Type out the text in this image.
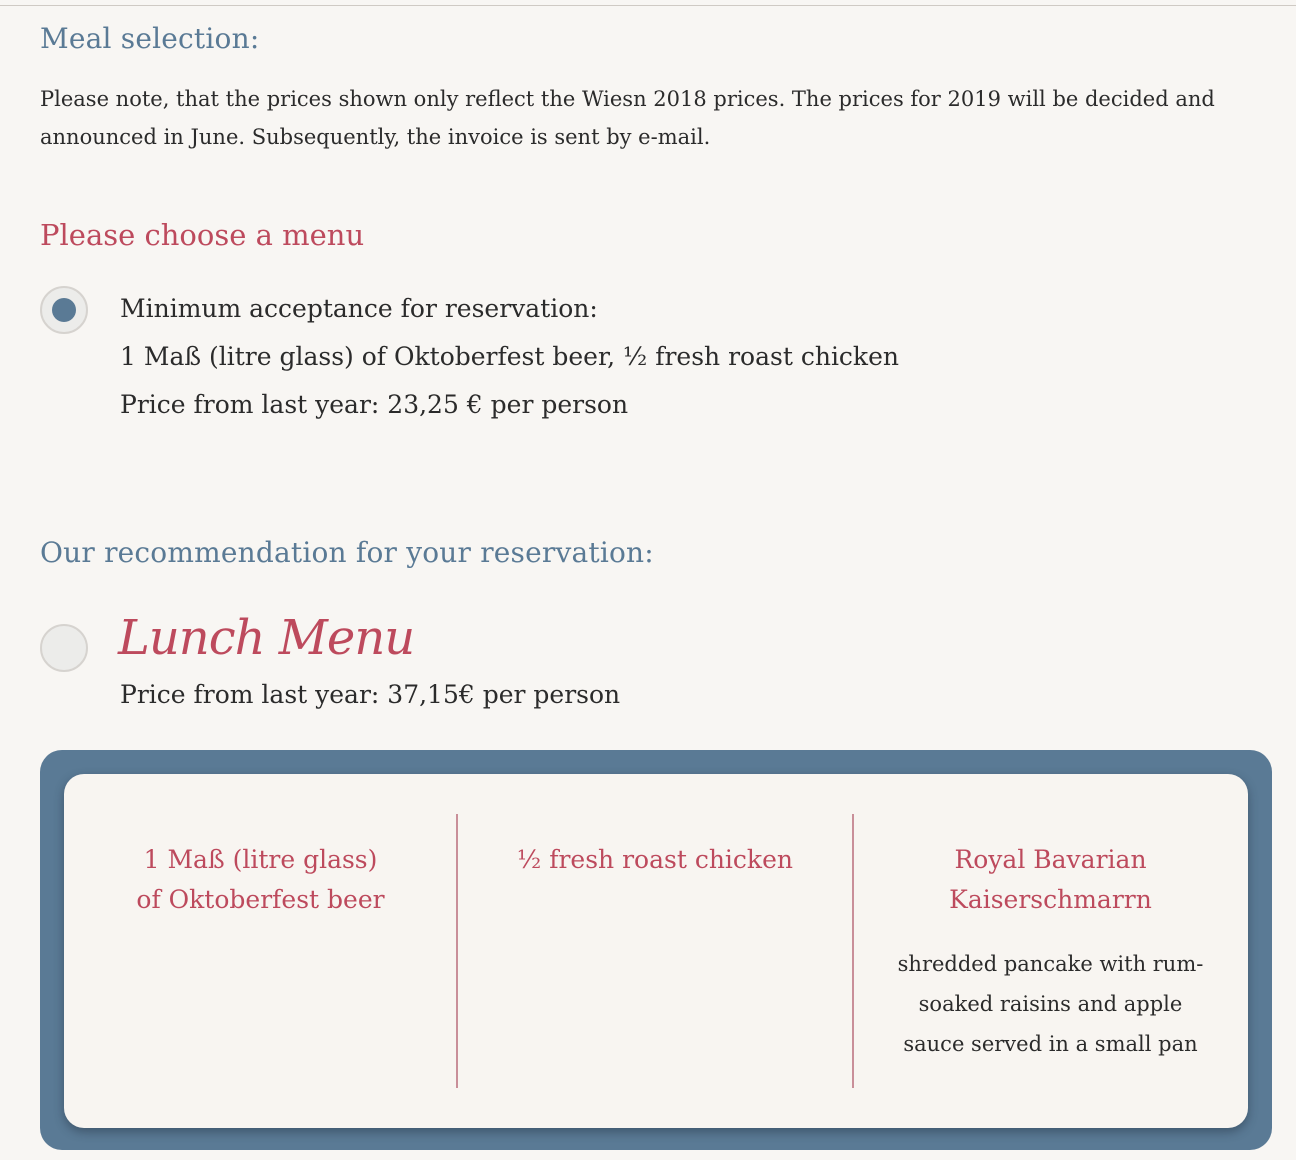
Meal selection:

Please note, that the prices shown only reflect the Wiesn 2018 prices. The prices for 2019 will be decided and announced in June. Subsequently, the invoice is sent by e-mail.

Please choose a menu
Minimum acceptance for reservation:
1 Maß (litre glass) of Oktoberfest beer, ½ fresh roast chicken
Price from last year: 23,25 € per person
Our recommendation for your reservation:
Lunch Menu
Price from last year: 37,15€ per person
1 Maß (litre glass) of Oktoberfest beer
½ fresh roast chicken	Royal Bavarian Kaiserschmarrn
shredded pancake with rum-soaked raisins and apple sauce served in a small pan
